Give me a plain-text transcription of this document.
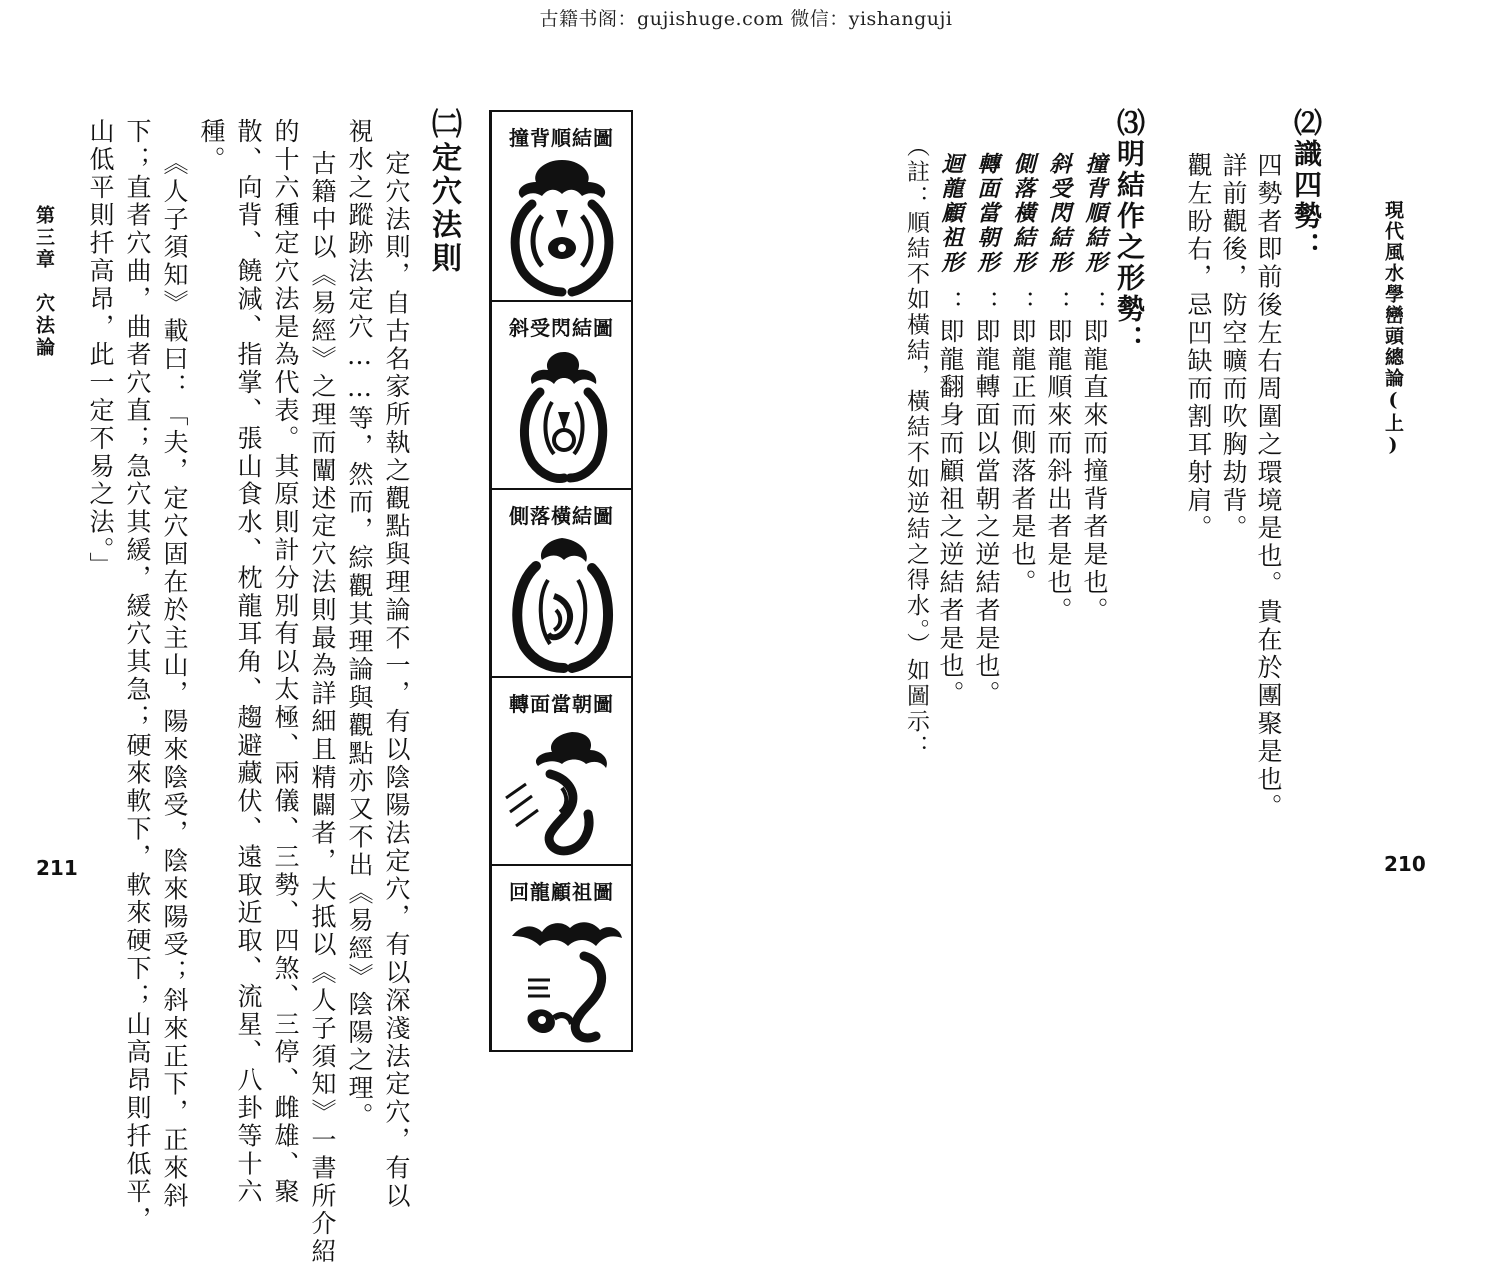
古籍书阁：gujishuge.com 微信：yishanguji
現代風水學巒頭總論(上)
⑵識四勢：
四勢者即前後左右周圍之環境是也。貴在於團聚是也。
詳前觀後，防空曠而吹胸劫背。
觀左盼右，忌凹缺而割耳射肩。
⑶明結作之形勢：
撞背順結形
：即龍直來而撞背者是也。
斜受閃結形
：即龍順來而斜出者是也。
側落橫結形
：即龍正而側落者是也。
轉面當朝形
：即龍轉面以當朝之逆結者是也。
迴龍顧祖形
：即龍翻身而顧祖之逆結者是也。
︵註：順結不如橫結，橫結不如逆結之得水。︶如圖示：
210
撞背順結圖
斜受閃結圖
側落橫結圖
轉面當朝圖
回龍顧祖圖
㈡定穴法則
定穴法則，自古名家所執之觀點與理論不一，有以陰陽法定穴，有以深淺法定穴，有以
視水之蹤跡法定穴……等，然而，綜觀其理論與觀點亦又不出︽易經︾陰陽之理。
古籍中以︽易經︾之理而闡述定穴法則最為詳細且精闢者，大抵以︽人子須知︾一書所介紹
的十六種定穴法是為代表。其原則計分別有以太極、兩儀、三勢、四煞、三停、雌雄、聚
散、向背、饒減、指掌、張山食水、枕龍耳角、趨避藏伏、遠取近取、流星、八卦等十六
種。
︽人子須知︾載曰：﹁夫，定穴固在於主山，陽來陰受，陰來陽受；斜來正下，正來斜
下；直者穴曲，曲者穴直；急穴其緩，緩穴其急；硬來軟下，軟來硬下；山高昂則扦低平，
山低平則扦高昂，此一定不易之法。﹂
第三章　穴法論
211
